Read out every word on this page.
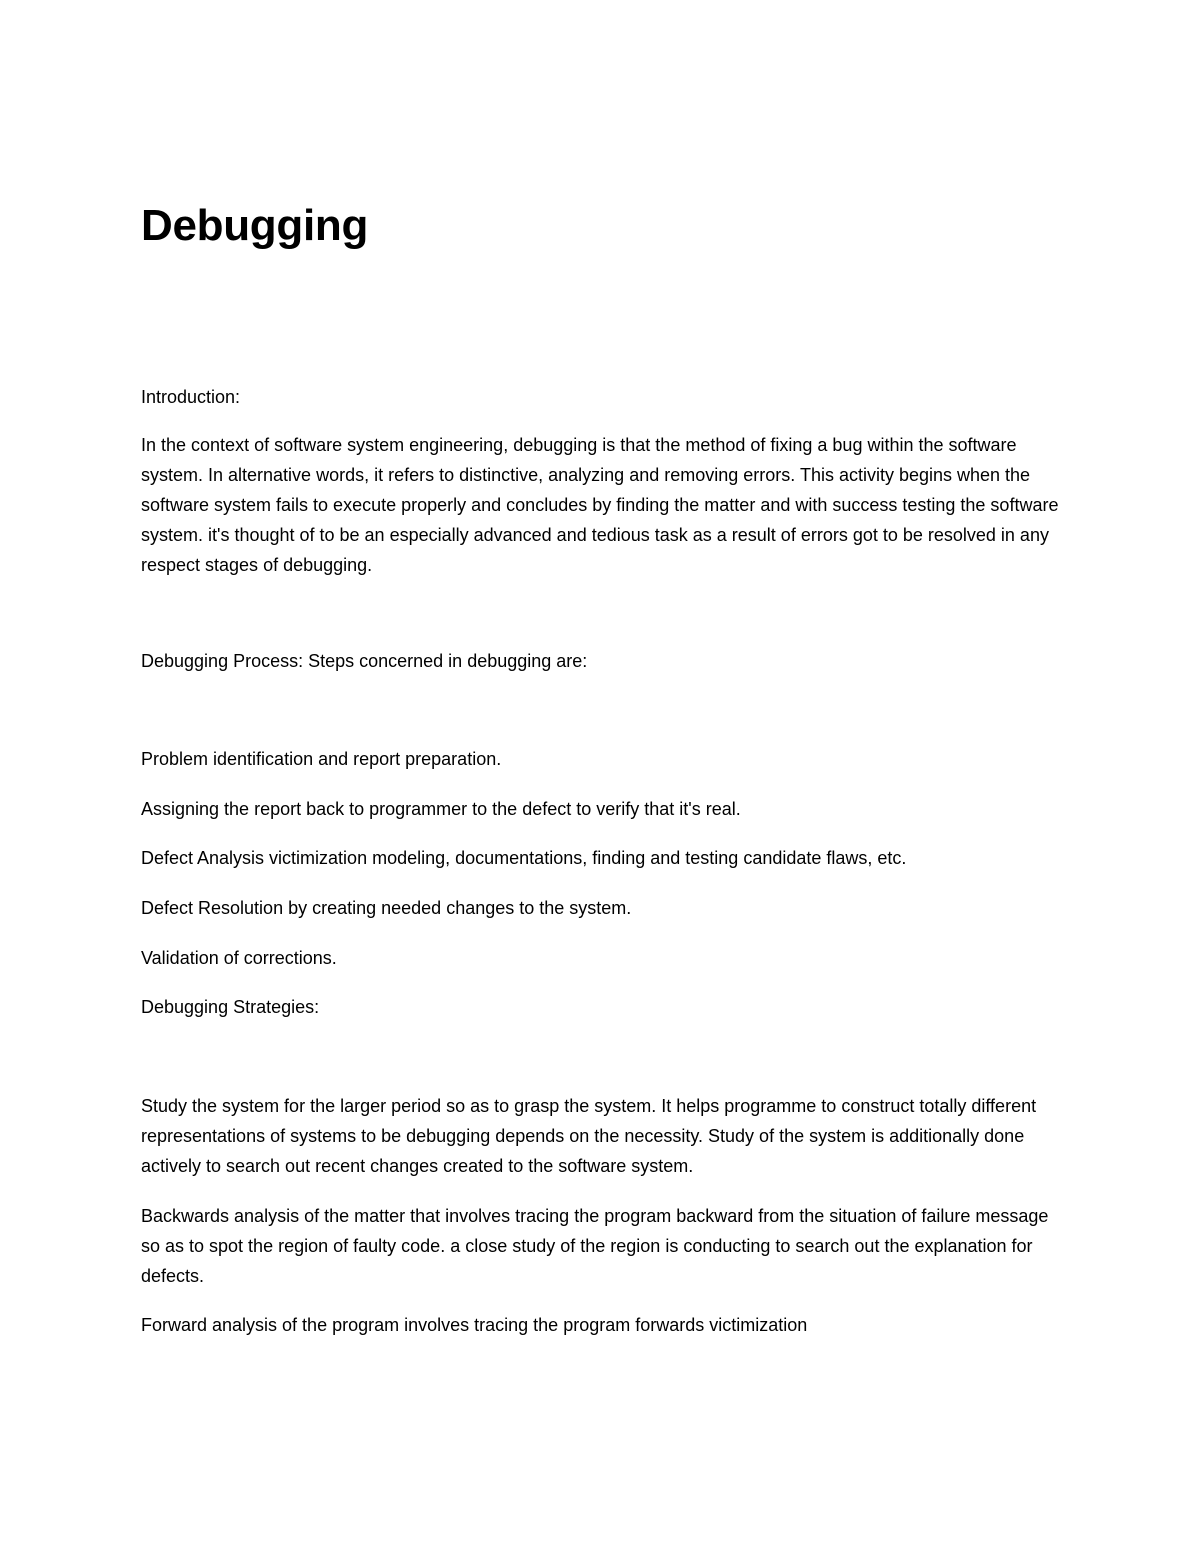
Debugging

Introduction:

In the context of software system engineering, debugging is that the method of fixing a bug within the software system. In alternative words, it refers to distinctive, analyzing and removing errors. This activity begins when the software system fails to execute properly and concludes by finding the matter and with success testing the software system. it's thought of to be an especially advanced and tedious task as a result of errors got to be resolved in any respect stages of debugging.

Debugging Process: Steps concerned in debugging are:

Problem identification and report preparation.

Assigning the report back to programmer to the defect to verify that it's real.

Defect Analysis victimization modeling, documentations, finding and testing candidate flaws, etc.

Defect Resolution by creating needed changes to the system.

Validation of corrections.

Debugging Strategies:

Study the system for the larger period so as to grasp the system. It helps programme to construct totally different representations of systems to be debugging depends on the necessity. Study of the system is additionally done actively to search out recent changes created to the software system.

Backwards analysis of the matter that involves tracing the program backward from the situation of failure message so as to spot the region of faulty code. a close study of the region is conducting to search out the explanation for defects.

Forward analysis of the program involves tracing the program forwards victimization
